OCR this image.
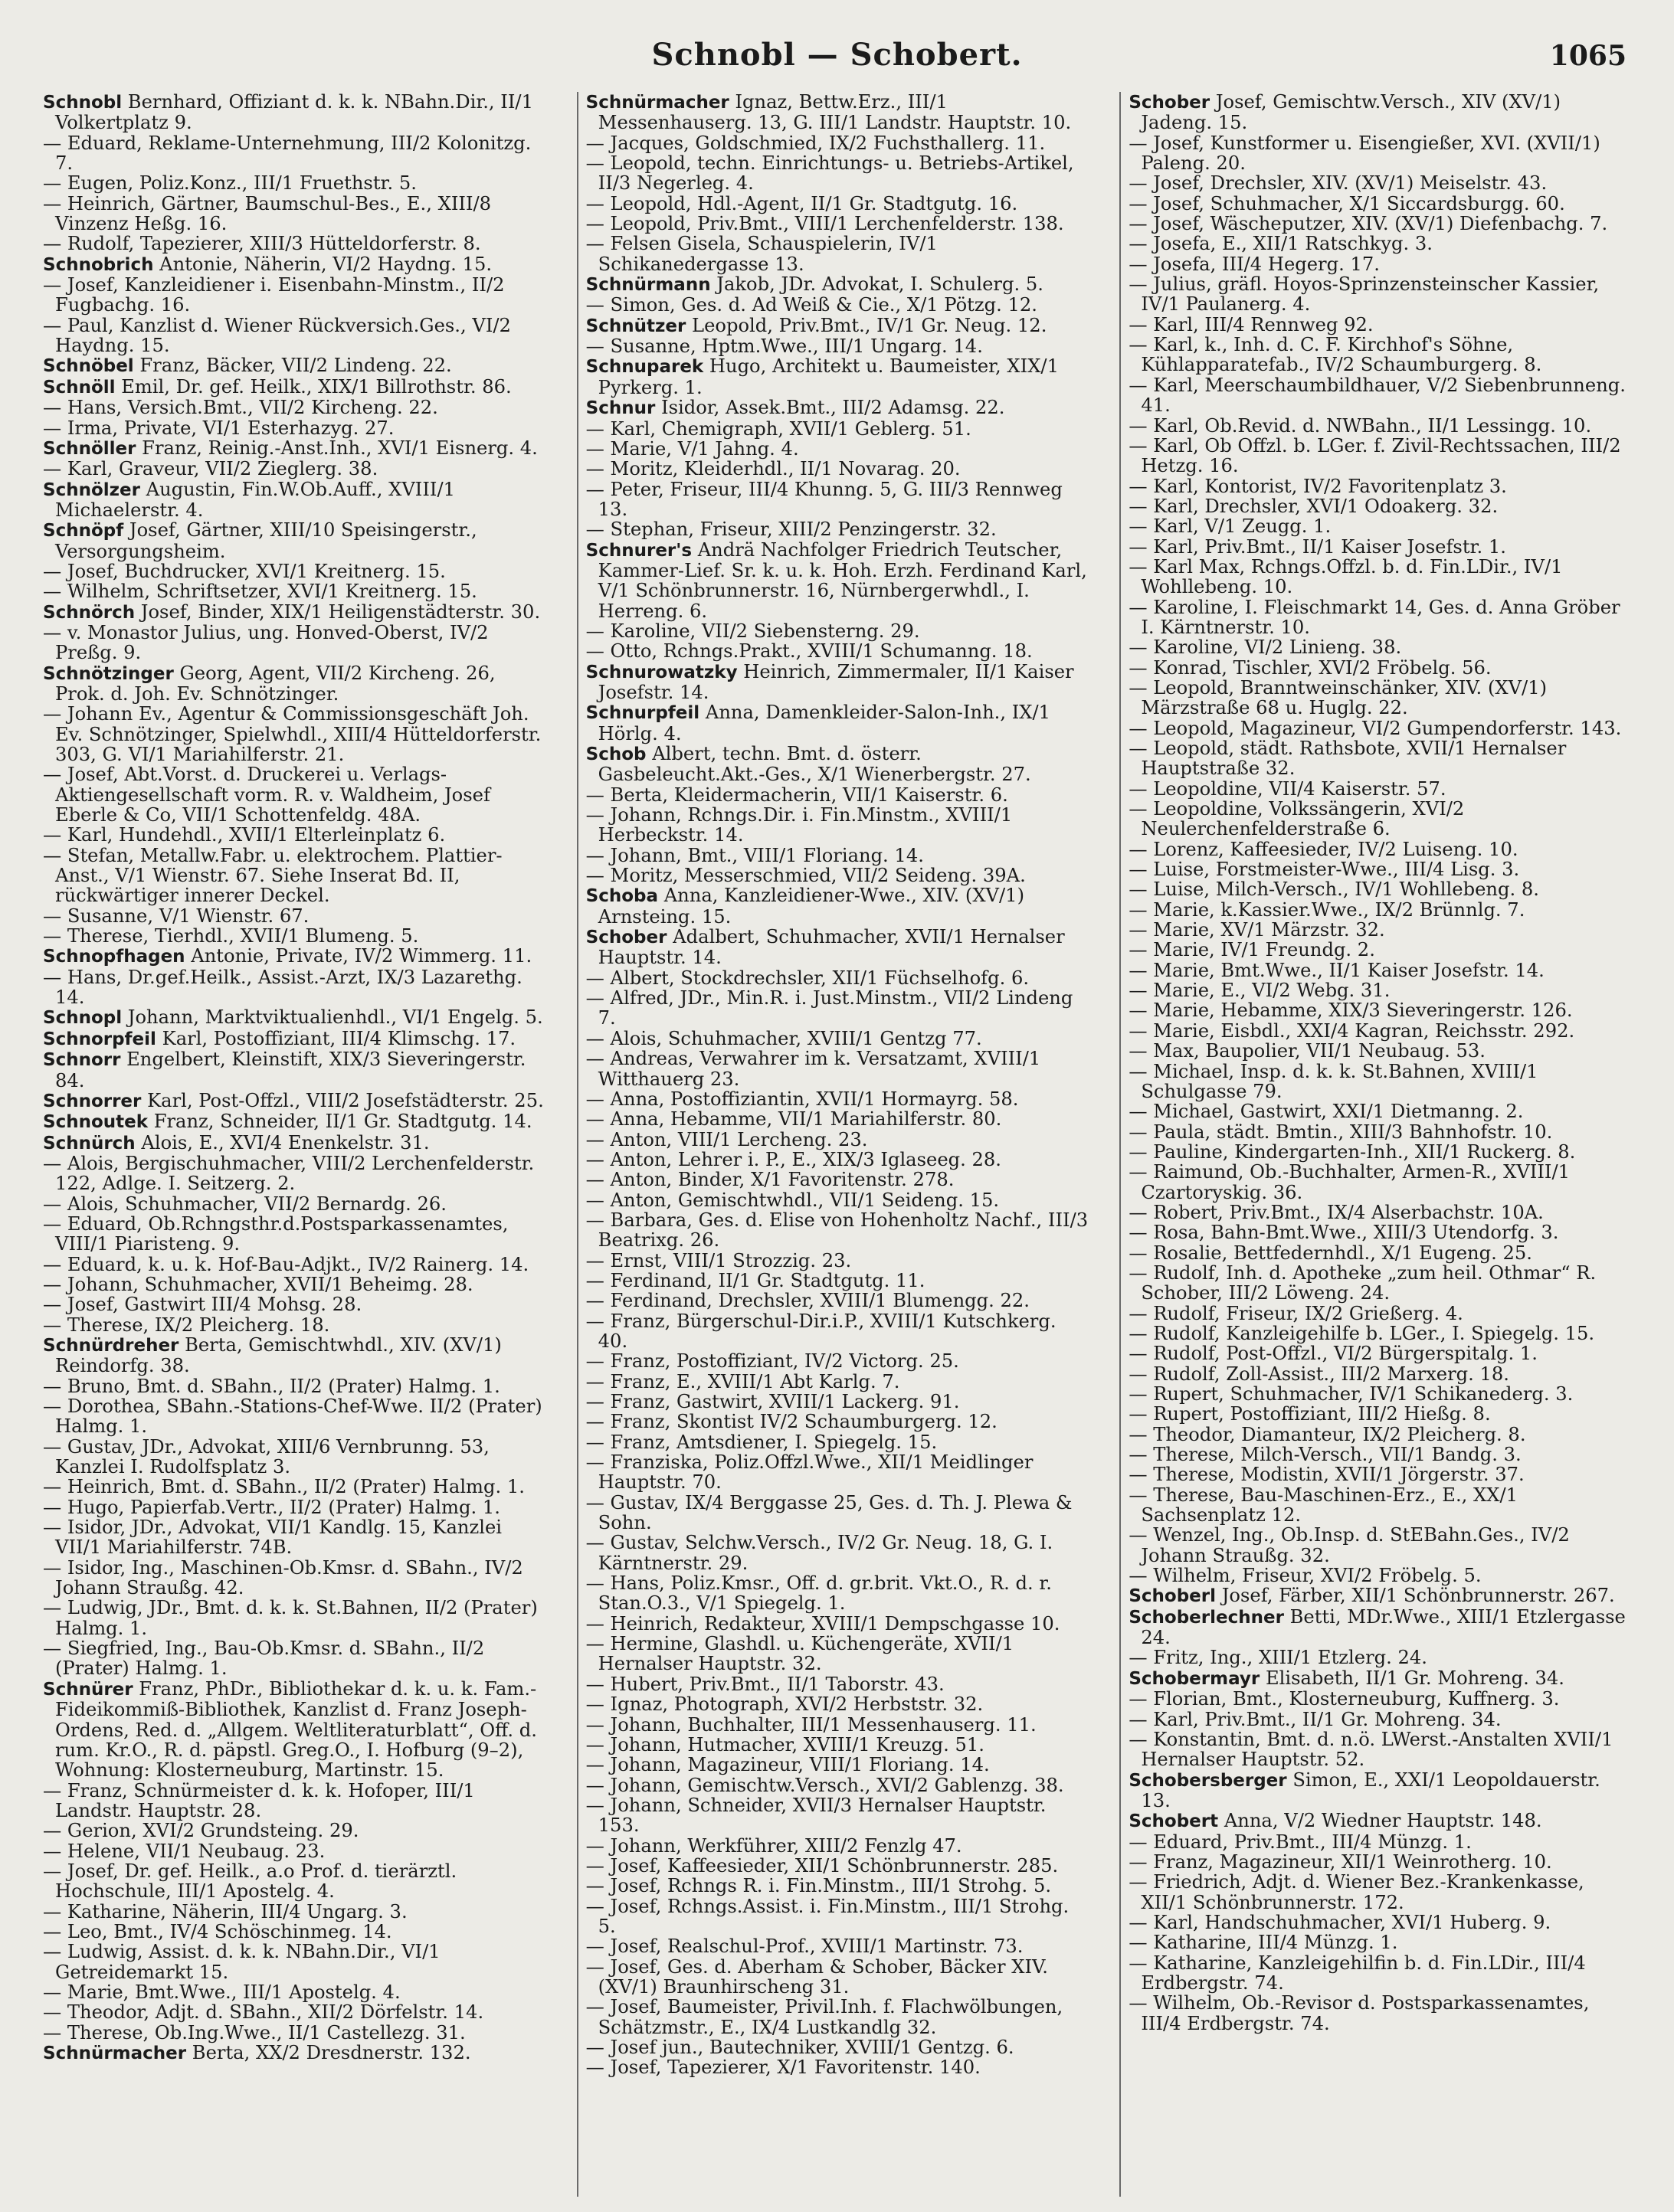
Schnobl — Schobert.	1065

Schnobl Bernhard, Offiziant d. k. k. NBahn.Dir., II/1 Volkertplatz 9.

— Eduard, Reklame-Unternehmung, III/2 Kolonitzg. 7.

— Eugen, Poliz.Konz., III/1 Fruethstr. 5.

— Heinrich, Gärtner, Baumschul-Bes., E., XIII/8 Vinzenz Heßg. 16.

— Rudolf, Tapezierer, XIII/3 Hütteldorferstr. 8.

Schnobrich Antonie, Näherin, VI/2 Haydng. 15.

— Josef, Kanzleidiener i. Eisenbahn-Minstm., II/2 Fugbachg. 16.

— Paul, Kanzlist d. Wiener Rückversich.Ges., VI/2 Haydng. 15.

Schnöbel Franz, Bäcker, VII/2 Lindeng. 22.

Schnöll Emil, Dr. gef. Heilk., XIX/1 Billrothstr. 86.

— Hans, Versich.Bmt., VII/2 Kircheng. 22.

— Irma, Private, VI/1 Esterhazyg. 27.

Schnöller Franz, Reinig.-Anst.Inh., XVI/1 Eisnerg. 4.

— Karl, Graveur, VII/2 Zieglerg. 38.

Schnölzer Augustin, Fin.W.Ob.Auff., XVIII/1 Michaelerstr. 4.

Schnöpf Josef, Gärtner, XIII/10 Speisingerstr., Versorgungsheim.

— Josef, Buchdrucker, XVI/1 Kreitnerg. 15.

— Wilhelm, Schriftsetzer, XVI/1 Kreitnerg. 15.

Schnörch Josef, Binder, XIX/1 Heiligenstädterstr. 30.

— v. Monastor Julius, ung. Honved-Oberst, IV/2 Preßg. 9.

Schnötzinger Georg, Agent, VII/2 Kircheng. 26, Prok. d. Joh. Ev. Schnötzinger.

— Johann Ev., Agentur & Commissionsgeschäft Joh. Ev. Schnötzinger, Spielwhdl., XIII/4 Hütteldorferstr. 303, G. VI/1 Mariahilferstr. 21.

— Josef, Abt.Vorst. d. Druckerei u. Verlags-Aktiengesellschaft vorm. R. v. Waldheim, Josef Eberle & Co, VII/1 Schottenfeldg. 48A.

— Karl, Hundehdl., XVII/1 Elterleinplatz 6.

— Stefan, Metallw.Fabr. u. elektrochem. Plattier-Anst., V/1 Wienstr. 67. Siehe Inserat Bd. II, rückwärtiger innerer Deckel.

— Susanne, V/1 Wienstr. 67.

— Therese, Tierhdl., XVII/1 Blumeng. 5.

Schnopfhagen Antonie, Private, IV/2 Wimmerg. 11.

— Hans, Dr.gef.Heilk., Assist.-Arzt, IX/3 Lazarethg. 14.

Schnopl Johann, Marktviktualienhdl., VI/1 Engelg. 5.

Schnorpfeil Karl, Postoffiziant, III/4 Klimschg. 17.

Schnorr Engelbert, Kleinstift, XIX/3 Sieveringerstr. 84.

Schnorrer Karl, Post-Offzl., VIII/2 Josefstädterstr. 25.

Schnoutek Franz, Schneider, II/1 Gr. Stadtgutg. 14.

Schnürch Alois, E., XVI/4 Enenkelstr. 31.

— Alois, Bergischuhmacher, VIII/2 Lerchenfelderstr. 122, Adlge. I. Seitzerg. 2.

— Alois, Schuhmacher, VII/2 Bernardg. 26.

— Eduard, Ob.Rchngsthr.d.Postsparkassenamtes, VIII/1 Piaristeng. 9.

— Eduard, k. u. k. Hof-Bau-Adjkt., IV/2 Rainerg. 14.

— Johann, Schuhmacher, XVII/1 Beheimg. 28.

— Josef, Gastwirt III/4 Mohsg. 28.

— Therese, IX/2 Pleicherg. 18.

Schnürdreher Berta, Gemischtwhdl., XIV. (XV/1) Reindorfg. 38.

— Bruno, Bmt. d. SBahn., II/2 (Prater) Halmg. 1.

— Dorothea, SBahn.-Stations-Chef-Wwe. II/2 (Prater) Halmg. 1.

— Gustav, JDr., Advokat, XIII/6 Vernbrunng. 53, Kanzlei I. Rudolfsplatz 3.

— Heinrich, Bmt. d. SBahn., II/2 (Prater) Halmg. 1.

— Hugo, Papierfab.Vertr., II/2 (Prater) Halmg. 1.

— Isidor, JDr., Advokat, VII/1 Kandlg. 15, Kanzlei VII/1 Mariahilferstr. 74B.

— Isidor, Ing., Maschinen-Ob.Kmsr. d. SBahn., IV/2 Johann Straußg. 42.

— Ludwig, JDr., Bmt. d. k. k. St.Bahnen, II/2 (Prater) Halmg. 1.

— Siegfried, Ing., Bau-Ob.Kmsr. d. SBahn., II/2 (Prater) Halmg. 1.

Schnürer Franz, PhDr., Bibliothekar d. k. u. k. Fam.-Fideikommiß-Bibliothek, Kanzlist d. Franz Joseph-Ordens, Red. d. „Allgem. Weltliteraturblatt“, Off. d. rum. Kr.O., R. d. päpstl. Greg.O., I. Hofburg (9–2), Wohnung: Klosterneuburg, Martinstr. 15.

— Franz, Schnürmeister d. k. k. Hofoper, III/1 Landstr. Hauptstr. 28.

— Gerion, XVI/2 Grundsteing. 29.

— Helene, VII/1 Neubaug. 23.

— Josef, Dr. gef. Heilk., a.o Prof. d. tierärztl. Hochschule, III/1 Apostelg. 4.

— Katharine, Näherin, III/4 Ungarg. 3.

— Leo, Bmt., IV/4 Schöschinmeg. 14.

— Ludwig, Assist. d. k. k. NBahn.Dir., VI/1 Getreidemarkt 15.

— Marie, Bmt.Wwe., III/1 Apostelg. 4.

— Theodor, Adjt. d. SBahn., XII/2 Dörfelstr. 14.

— Therese, Ob.Ing.Wwe., II/1 Castellezg. 31.

Schnürmacher Berta, XX/2 Dresdnerstr. 132.

Schnürmacher Ignaz, Bettw.Erz., III/1 Messenhauserg. 13, G. III/1 Landstr. Hauptstr. 10.

— Jacques, Goldschmied, IX/2 Fuchsthallerg. 11.

— Leopold, techn. Einrichtungs- u. Betriebs-Artikel, II/3 Negerleg. 4.

— Leopold, Hdl.-Agent, II/1 Gr. Stadtgutg. 16.

— Leopold, Priv.Bmt., VIII/1 Lerchenfelderstr. 138.

— Felsen Gisela, Schauspielerin, IV/1 Schikanedergasse 13.

Schnürmann Jakob, JDr. Advokat, I. Schulerg. 5.

— Simon, Ges. d. Ad Weiß & Cie., X/1 Pötzg. 12.

Schnützer Leopold, Priv.Bmt., IV/1 Gr. Neug. 12.

— Susanne, Hptm.Wwe., III/1 Ungarg. 14.

Schnuparek Hugo, Architekt u. Baumeister, XIX/1 Pyrkerg. 1.

Schnur Isidor, Assek.Bmt., III/2 Adamsg. 22.

— Karl, Chemigraph, XVII/1 Geblerg. 51.

— Marie, V/1 Jahng. 4.

— Moritz, Kleiderhdl., II/1 Novarag. 20.

— Peter, Friseur, III/4 Khunng. 5, G. III/3 Rennweg 13.

— Stephan, Friseur, XIII/2 Penzingerstr. 32.

Schnurer's Andrä Nachfolger Friedrich Teutscher, Kammer-Lief. Sr. k. u. k. Hoh. Erzh. Ferdinand Karl, V/1 Schönbrunnerstr. 16, Nürnbergerwhdl., I. Herreng. 6.

— Karoline, VII/2 Siebensterng. 29.

— Otto, Rchngs.Prakt., XVIII/1 Schumanng. 18.

Schnurowatzky Heinrich, Zimmermaler, II/1 Kaiser Josefstr. 14.

Schnurpfeil Anna, Damenkleider-Salon-Inh., IX/1 Hörlg. 4.

Schob Albert, techn. Bmt. d. österr. Gasbeleucht.Akt.-Ges., X/1 Wienerbergstr. 27.

— Berta, Kleidermacherin, VII/1 Kaiserstr. 6.

— Johann, Rchngs.Dir. i. Fin.Minstm., XVIII/1 Herbeckstr. 14.

— Johann, Bmt., VIII/1 Floriang. 14.

— Moritz, Messerschmied, VII/2 Seideng. 39A.

Schoba Anna, Kanzleidiener-Wwe., XIV. (XV/1) Arnsteing. 15.

Schober Adalbert, Schuhmacher, XVII/1 Hernalser Hauptstr. 14.

— Albert, Stockdrechsler, XII/1 Füchselhofg. 6.

— Alfred, JDr., Min.R. i. Just.Minstm., VII/2 Lindeng 7.

— Alois, Schuhmacher, XVIII/1 Gentzg 77.

— Andreas, Verwahrer im k. Versatzamt, XVIII/1 Witthauerg 23.

— Anna, Postoffiziantin, XVII/1 Hormayrg. 58.

— Anna, Hebamme, VII/1 Mariahilferstr. 80.

— Anton, VIII/1 Lercheng. 23.

— Anton, Lehrer i. P., E., XIX/3 Iglaseeg. 28.

— Anton, Binder, X/1 Favoritenstr. 278.

— Anton, Gemischtwhdl., VII/1 Seideng. 15.

— Barbara, Ges. d. Elise von Hohenholtz Nachf., III/3 Beatrixg. 26.

— Ernst, VIII/1 Strozzig. 23.

— Ferdinand, II/1 Gr. Stadtgutg. 11.

— Ferdinand, Drechsler, XVIII/1 Blumengg. 22.

— Franz, Bürgerschul-Dir.i.P., XVIII/1 Kutschkerg. 40.

— Franz, Postoffiziant, IV/2 Victorg. 25.

— Franz, E., XVIII/1 Abt Karlg. 7.

— Franz, Gastwirt, XVIII/1 Lackerg. 91.

— Franz, Skontist IV/2 Schaumburgerg. 12.

— Franz, Amtsdiener, I. Spiegelg. 15.

— Franziska, Poliz.Offzl.Wwe., XII/1 Meidlinger Hauptstr. 70.

— Gustav, IX/4 Berggasse 25, Ges. d. Th. J. Plewa & Sohn.

— Gustav, Selchw.Versch., IV/2 Gr. Neug. 18, G. I. Kärntnerstr. 29.

— Hans, Poliz.Kmsr., Off. d. gr.brit. Vkt.O., R. d. r. Stan.O.3., V/1 Spiegelg. 1.

— Heinrich, Redakteur, XVIII/1 Dempschgasse 10.

— Hermine, Glashdl. u. Küchengeräte, XVII/1 Hernalser Hauptstr. 32.

— Hubert, Priv.Bmt., II/1 Taborstr. 43.

— Ignaz, Photograph, XVI/2 Herbststr. 32.

— Johann, Buchhalter, III/1 Messenhauserg. 11.

— Johann, Hutmacher, XVIII/1 Kreuzg. 51.

— Johann, Magazineur, VIII/1 Floriang. 14.

— Johann, Gemischtw.Versch., XVI/2 Gablenzg. 38.

— Johann, Schneider, XVII/3 Hernalser Hauptstr. 153.

— Johann, Werkführer, XIII/2 Fenzlg 47.

— Josef, Kaffeesieder, XII/1 Schönbrunnerstr. 285.

— Josef, Rchngs R. i. Fin.Minstm., III/1 Strohg. 5.

— Josef, Rchngs.Assist. i. Fin.Minstm., III/1 Strohg. 5.

— Josef, Realschul-Prof., XVIII/1 Martinstr. 73.

— Josef, Ges. d. Aberham & Schober, Bäcker XIV. (XV/1) Braunhirscheng 31.

— Josef, Baumeister, Privil.Inh. f. Flachwölbungen, Schätzmstr., E., IX/4 Lustkandlg 32.

— Josef jun., Bautechniker, XVIII/1 Gentzg. 6.

— Josef, Tapezierer, X/1 Favoritenstr. 140.

Schober Josef, Gemischtw.Versch., XIV (XV/1) Jadeng. 15.

— Josef, Kunstformer u. Eisengießer, XVI. (XVII/1) Paleng. 20.

— Josef, Drechsler, XIV. (XV/1) Meiselstr. 43.

— Josef, Schuhmacher, X/1 Siccardsburgg. 60.

— Josef, Wäscheputzer, XIV. (XV/1) Diefenbachg. 7.

— Josefa, E., XII/1 Ratschkyg. 3.

— Josefa, III/4 Hegerg. 17.

— Julius, gräfl. Hoyos-Sprinzensteinscher Kassier, IV/1 Paulanerg. 4.

— Karl, III/4 Rennweg 92.

— Karl, k., Inh. d. C. F. Kirchhof's Söhne, Kühlapparatefab., IV/2 Schaumburgerg. 8.

— Karl, Meerschaumbildhauer, V/2 Siebenbrunneng. 41.

— Karl, Ob.Revid. d. NWBahn., II/1 Lessingg. 10.

— Karl, Ob Offzl. b. LGer. f. Zivil-Rechtssachen, III/2 Hetzg. 16.

— Karl, Kontorist, IV/2 Favoritenplatz 3.

— Karl, Drechsler, XVI/1 Odoakerg. 32.

— Karl, V/1 Zeugg. 1.

— Karl, Priv.Bmt., II/1 Kaiser Josefstr. 1.

— Karl Max, Rchngs.Offzl. b. d. Fin.LDir., IV/1 Wohllebeng. 10.

— Karoline, I. Fleischmarkt 14, Ges. d. Anna Gröber I. Kärntnerstr. 10.

— Karoline, VI/2 Linieng. 38.

— Konrad, Tischler, XVI/2 Fröbelg. 56.

— Leopold, Branntweinschänker, XIV. (XV/1) Märzstraße 68 u. Huglg. 22.

— Leopold, Magazineur, VI/2 Gumpendorferstr. 143.

— Leopold, städt. Rathsbote, XVII/1 Hernalser Hauptstraße 32.

— Leopoldine, VII/4 Kaiserstr. 57.

— Leopoldine, Volkssängerin, XVI/2 Neulerchenfelderstraße 6.

— Lorenz, Kaffeesieder, IV/2 Luiseng. 10.

— Luise, Forstmeister-Wwe., III/4 Lisg. 3.

— Luise, Milch-Versch., IV/1 Wohllebeng. 8.

— Marie, k.Kassier.Wwe., IX/2 Brünnlg. 7.

— Marie, XV/1 Märzstr. 32.

— Marie, IV/1 Freundg. 2.

— Marie, Bmt.Wwe., II/1 Kaiser Josefstr. 14.

— Marie, E., VI/2 Webg. 31.

— Marie, Hebamme, XIX/3 Sieveringerstr. 126.

— Marie, Eisbdl., XXI/4 Kagran, Reichsstr. 292.

— Max, Baupolier, VII/1 Neubaug. 53.

— Michael, Insp. d. k. k. St.Bahnen, XVIII/1 Schulgasse 79.

— Michael, Gastwirt, XXI/1 Dietmanng. 2.

— Paula, städt. Bmtin., XIII/3 Bahnhofstr. 10.

— Pauline, Kindergarten-Inh., XII/1 Ruckerg. 8.

— Raimund, Ob.-Buchhalter, Armen-R., XVIII/1 Czartoryskig. 36.

— Robert, Priv.Bmt., IX/4 Alserbachstr. 10A.

— Rosa, Bahn-Bmt.Wwe., XIII/3 Utendorfg. 3.

— Rosalie, Bettfedernhdl., X/1 Eugeng. 25.

— Rudolf, Inh. d. Apotheke „zum heil. Othmar“ R. Schober, III/2 Löweng. 24.

— Rudolf, Friseur, IX/2 Grießerg. 4.

— Rudolf, Kanzleigehilfe b. LGer., I. Spiegelg. 15.

— Rudolf, Post-Offzl., VI/2 Bürgerspitalg. 1.

— Rudolf, Zoll-Assist., III/2 Marxerg. 18.

— Rupert, Schuhmacher, IV/1 Schikanederg. 3.

— Rupert, Postoffiziant, III/2 Hießg. 8.

— Theodor, Diamanteur, IX/2 Pleicherg. 8.

— Therese, Milch-Versch., VII/1 Bandg. 3.

— Therese, Modistin, XVII/1 Jörgerstr. 37.

— Therese, Bau-Maschinen-Erz., E., XX/1 Sachsenplatz 12.

— Wenzel, Ing., Ob.Insp. d. StEBahn.Ges., IV/2 Johann Straußg. 32.

— Wilhelm, Friseur, XVI/2 Fröbelg. 5.

Schoberl Josef, Färber, XII/1 Schönbrunnerstr. 267.

Schoberlechner Betti, MDr.Wwe., XIII/1 Etzlergasse 24.

— Fritz, Ing., XIII/1 Etzlerg. 24.

Schobermayr Elisabeth, II/1 Gr. Mohreng. 34.

— Florian, Bmt., Klosterneuburg, Kuffnerg. 3.

— Karl, Priv.Bmt., II/1 Gr. Mohreng. 34.

— Konstantin, Bmt. d. n.ö. LWerst.-Anstalten XVII/1 Hernalser Hauptstr. 52.

Schobersberger Simon, E., XXI/1 Leopoldauerstr. 13.

Schobert Anna, V/2 Wiedner Hauptstr. 148.

— Eduard, Priv.Bmt., III/4 Münzg. 1.

— Franz, Magazineur, XII/1 Weinrotherg. 10.

— Friedrich, Adjt. d. Wiener Bez.-Krankenkasse, XII/1 Schönbrunnerstr. 172.

— Karl, Handschuhmacher, XVI/1 Huberg. 9.

— Katharine, III/4 Münzg. 1.

— Katharine, Kanzleigehilfin b. d. Fin.LDir., III/4 Erdbergstr. 74.

— Wilhelm, Ob.-Revisor d. Postsparkassenamtes, III/4 Erdbergstr. 74.
